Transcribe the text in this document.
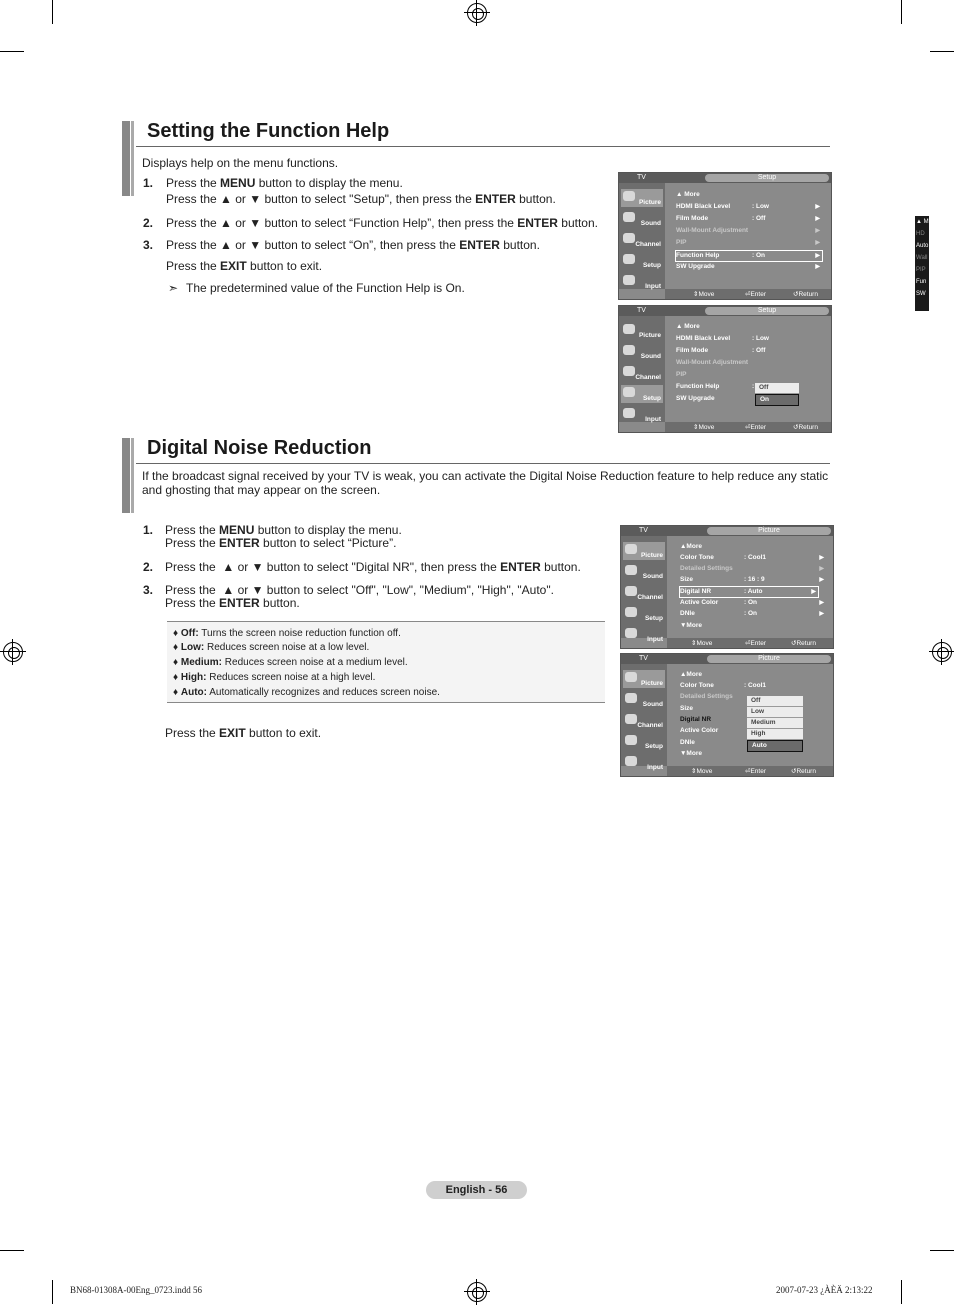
Setting the Function Help
Displays help on the menu functions.
1. Press the MENU button to display the menu.
Press the ▲ or ▼ button to select "Setup", then press the ENTER button.
2. Press the ▲ or ▼ button to select “Function Help”, then press the ENTER button.
3. Press the ▲ or ▼ button to select “On”, then press the ENTER button.
Press the EXIT button to exit.
➣ The predetermined value of the Function Help is On.
TV	Setup
Picture
Sound
Channel
Setup
Input
▲ More
HDMI Black Level	: Low	▶
Film Mode	: Off	▶
Wall-Mount Adjustment	▶
PIP	▶
Function Help	: On	▶
SW Upgrade	▶
⇕ Move	⏎ Enter	↺ Return
TV	Setup
Picture
Sound
Channel
Setup
Input
▲ More
HDMI Black Level	: Low
Film Mode	: Off
Wall-Mount Adjustment
PIP
Function Help	:
SW Upgrade
Off
On
⇕ Move	⏎ Enter	↺ Return
Digital Noise Reduction
If the broadcast signal received by your TV is weak, you can activate the Digital Noise Reduction feature to help reduce any static
and ghosting that may appear on the screen.
1. Press the MENU button to display the menu.
Press the ENTER button to select “Picture”.
2. Press the  ▲ or ▼ button to select "Digital NR", then press the ENTER button.
3. Press the  ▲ or ▼ button to select "Off", "Low", "Medium", "High", "Auto".
Press the ENTER button.
♦ Off: Turns the screen noise reduction function off.
♦ Low: Reduces screen noise at a low level.
♦ Medium: Reduces screen noise at a medium level.
♦ High: Reduces screen noise at a high level.
♦ Auto: Automatically recognizes and reduces screen noise.
Press the EXIT button to exit.
TV	Picture
Picture
Sound
Channel
Setup
Input
▲More
Color Tone	: Cool1	▶
Detailed Settings	▶
Size	: 16 : 9	▶
Digital NR	: Auto	▶
Active Color	: On	▶
DNIe	: On	▶
▼More
⇕ Move	⏎ Enter	↺ Return
TV	Picture
Picture
Sound
Channel
Setup
Input
▲More
Color Tone	: Cool1
Detailed Settings
Size
Digital NR
Active Color
DNIe
▼More
Off
Low
Medium
High
Auto
⇕ Move	⏎ Enter	↺ Return
▲ M
HD
Auto
Wall
PIP
Fun
SW
English - 56
BN68-01308A-00Eng_0723.indd 56	2007-07-23 ¿ÀÈÄ 2:13:22
